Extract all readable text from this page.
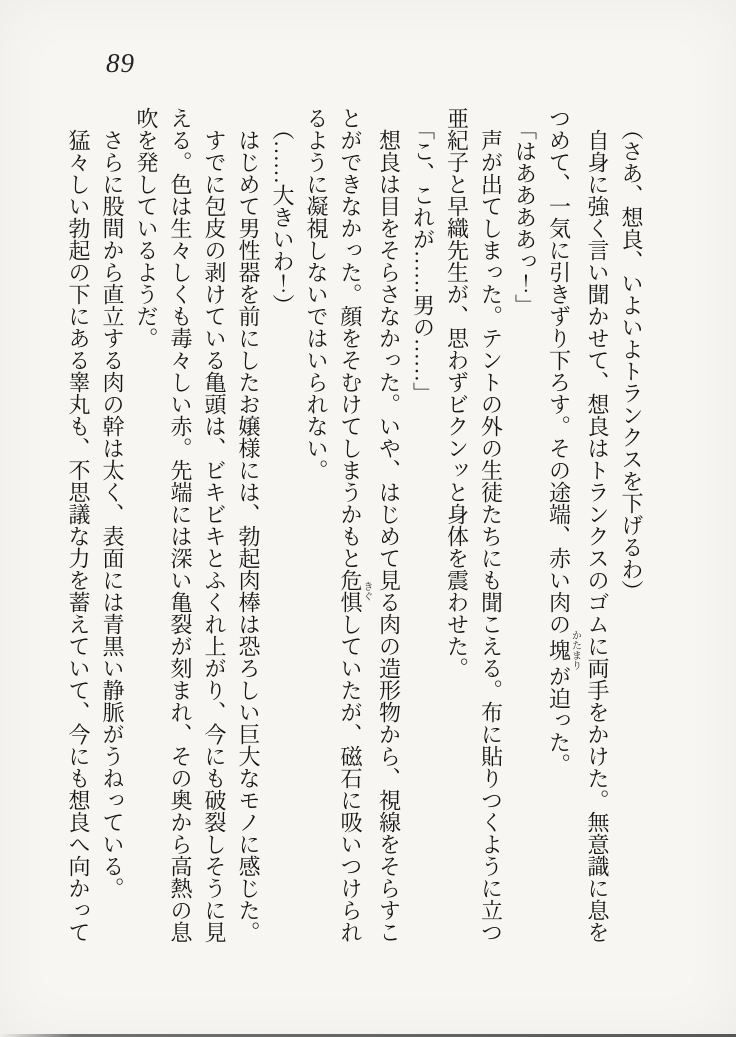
89
（さあ、想良、いよいよトランクスを下げるわ）
自身に強く言い聞かせて、想良はトランクスのゴムに両手をかけた。無意識に息を
つめて、一気に引きずり下ろす。その途端、赤い肉の塊かたまりが迫った。
「はああああっ！」
声が出てしまった。テントの外の生徒たちにも聞こえる。布に貼りつくように立つ
亜紀子と早織先生が、思わずビクンッと身体を震わせた。
「こ、これが……男の……」
想良は目をそらさなかった。いや、はじめて見る肉の造形物から、視線をそらすこ
とができなかった。顔をそむけてしまうかもと危惧きぐしていたが、磁石に吸いつけられ
るように凝視しないではいられない。
（……大きいわ！）
はじめて男性器を前にしたお嬢様には、勃起肉棒は恐ろしい巨大なモノに感じた。
すでに包皮の剥けている亀頭は、ビキビキとふくれ上がり、今にも破裂しそうに見
える。色は生々しくも毒々しい赤。先端には深い亀裂が刻まれ、その奥から高熱の息
吹を発しているようだ。
さらに股間から直立する肉の幹は太く、表面には青黒い静脈がうねっている。
猛々しい勃起の下にある睾丸も、不思議な力を蓄えていて、今にも想良へ向かって
